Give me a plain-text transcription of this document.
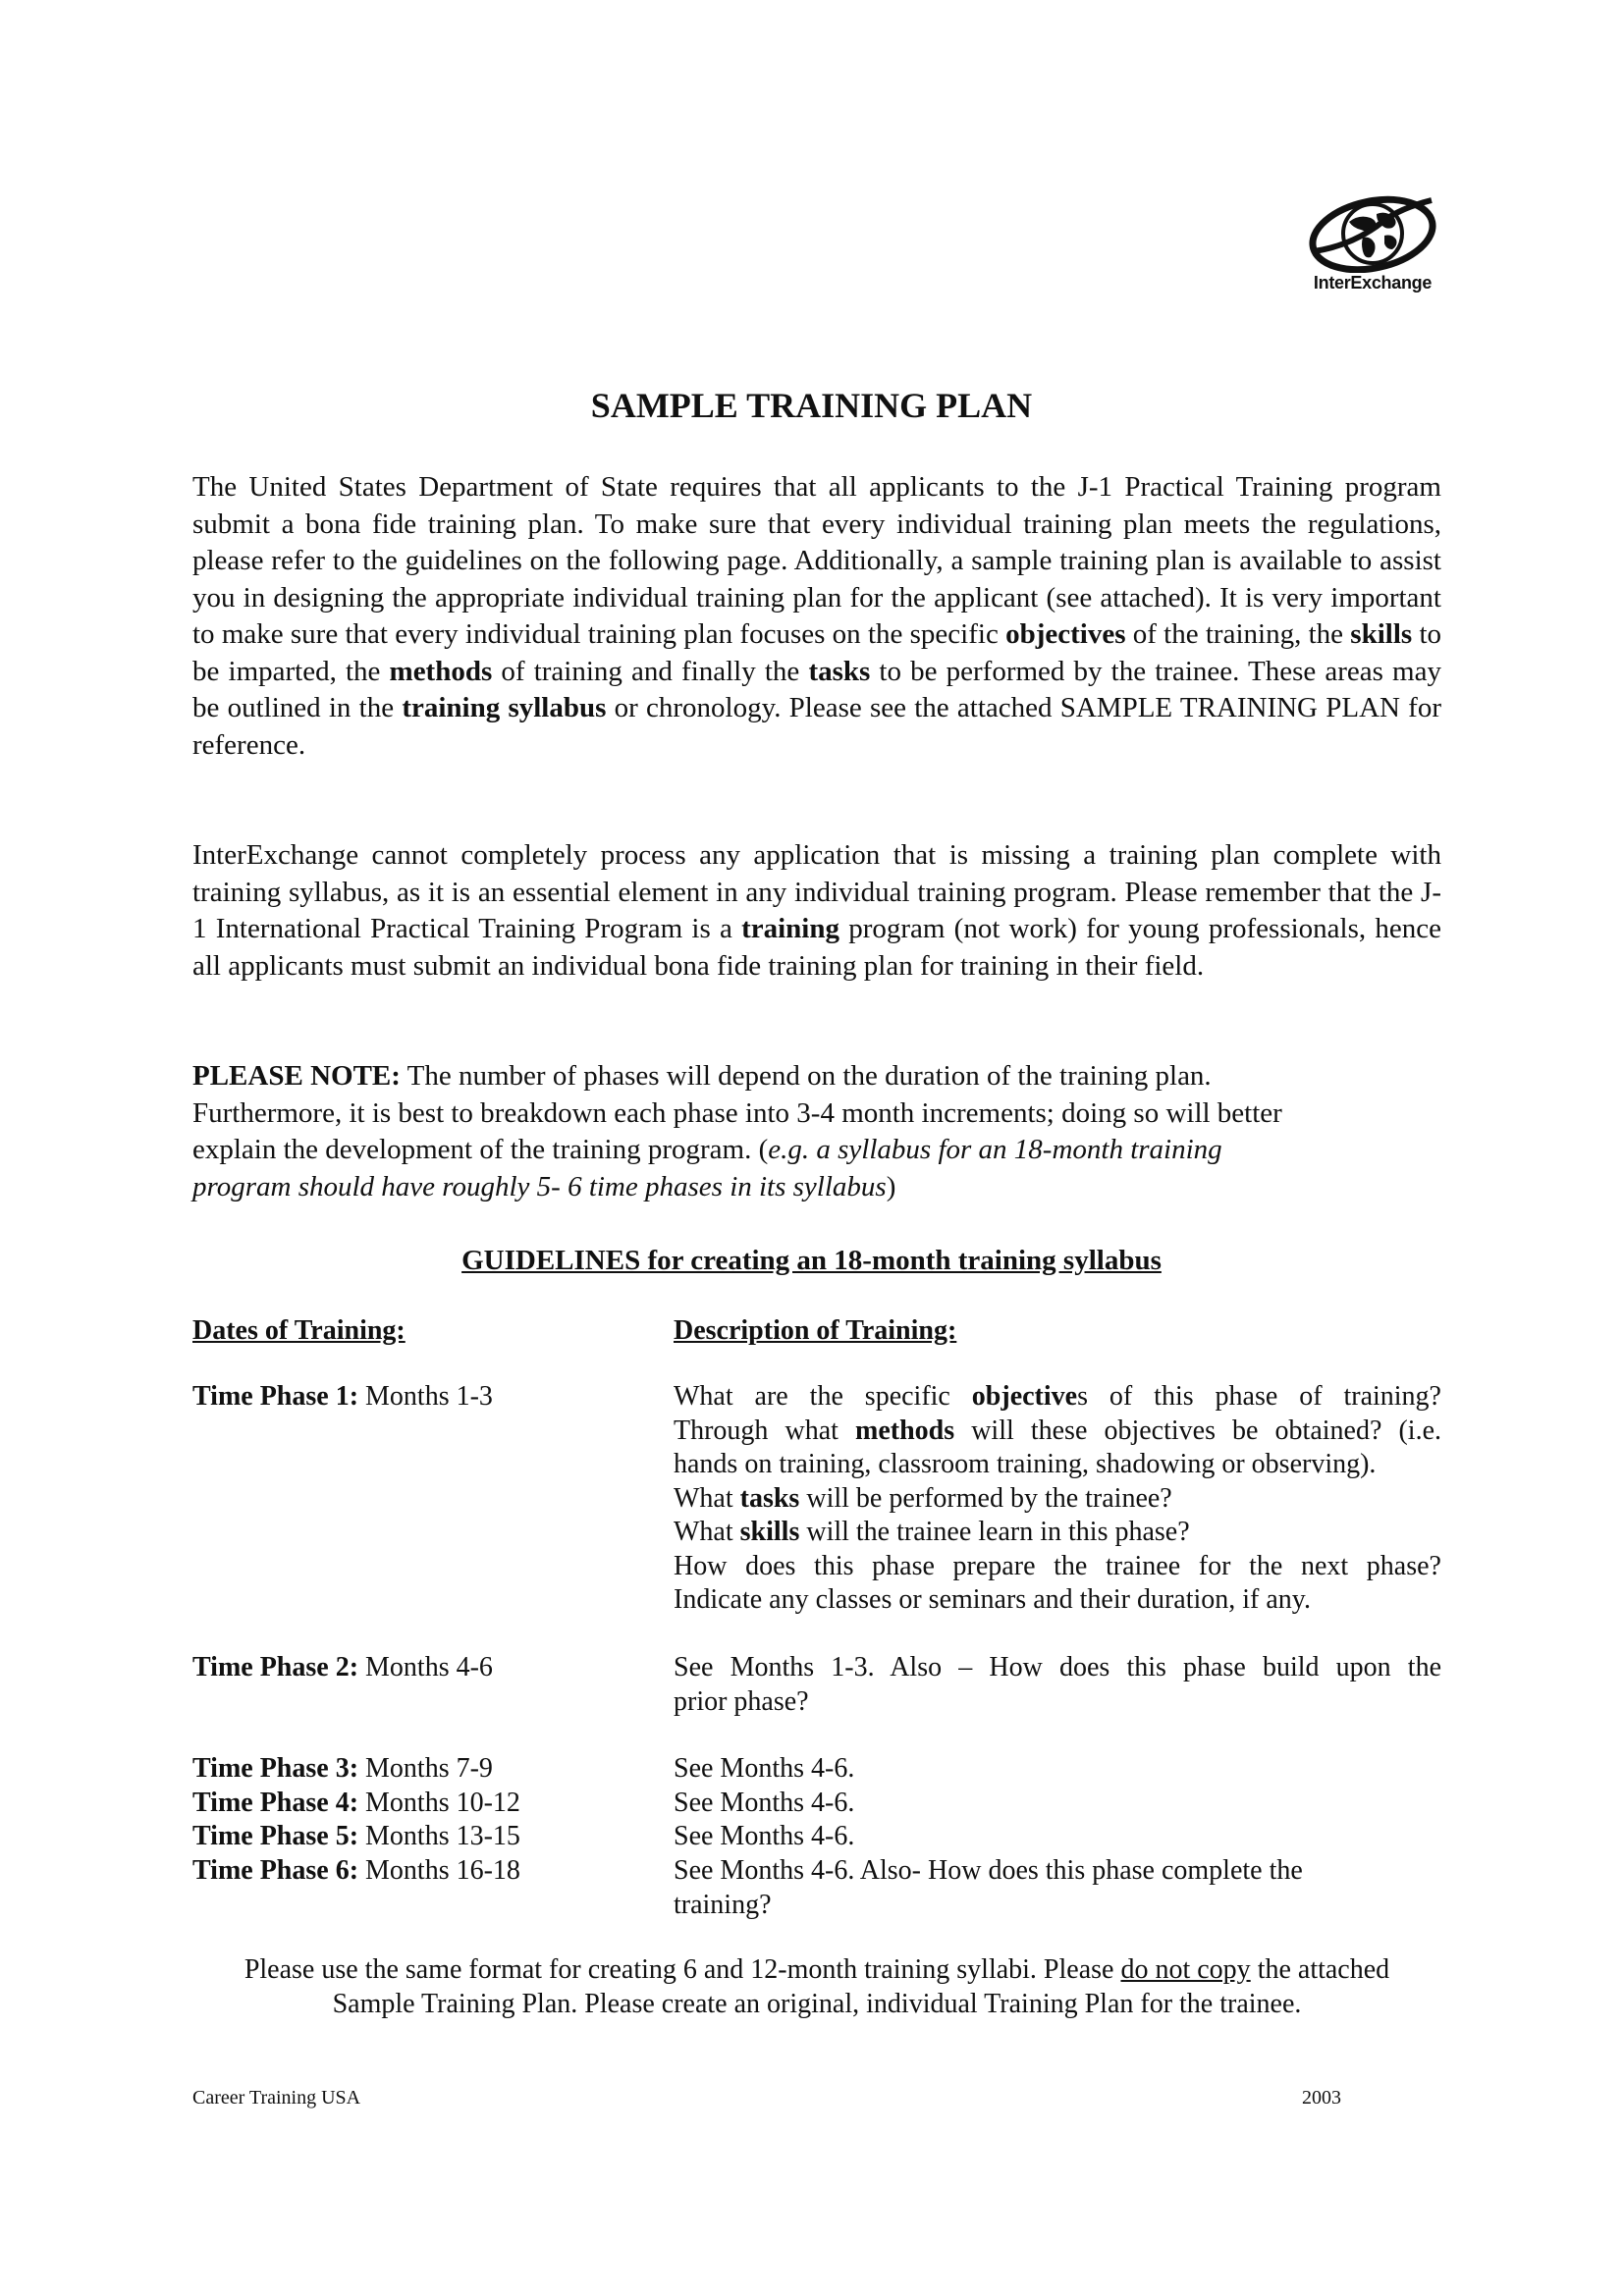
InterExchange
SAMPLE TRAINING PLAN

The United States Department of State requires that all applicants to the J-1 Practical Training program submit a bona fide training plan. To make sure that every individual training plan meets the regulations, please refer to the guidelines on the following page. Additionally, a sample training plan is available to assist you in designing the appropriate individual training plan for the applicant (see attached). It is very important to make sure that every individual training plan focuses on the specific objectives of the training, the skills to be imparted, the methods of training and finally the tasks to be performed by the trainee. These areas may be outlined in the training syllabus or chronology. Please see the attached SAMPLE TRAINING PLAN for reference.

InterExchange cannot completely process any application that is missing a training plan complete with training syllabus, as it is an essential element in any individual training program. Please remember that the J-1 International Practical Training Program is a training program (not work) for young professionals, hence all applicants must submit an individual bona fide training plan for training in their field.

PLEASE NOTE: The number of phases will depend on the duration of the training plan.
Furthermore, it is best to breakdown each phase into 3-4 month increments; doing so will better
explain the development of the training program. (e.g. a syllabus for an 18-month training
program should have roughly 5- 6 time phases in its syllabus)

GUIDELINES for creating an 18-month training syllabus
Dates of Training:	Description of Training:
Time Phase 1: Months 1-3
Time Phase 2: Months 4-6
Time Phase 3: Months 7-9
Time Phase 4: Months 10-12
Time Phase 5: Months 13-15
Time Phase 6: Months 16-18
What are the specific objectives of this phase of training?
Through what methods will these objectives be obtained? (i.e.
hands on training, classroom training, shadowing or observing).
What tasks will be performed by the trainee?
What skills will the trainee learn in this phase?
How does this phase prepare the trainee for the next phase?
Indicate any classes or seminars and their duration, if any.
See Months 1-3. Also – How does this phase build upon the
prior phase?
See Months 4-6.
See Months 4-6.
See Months 4-6.
See Months 4-6. Also- How does this phase complete the
training?

Please use the same format for creating 6 and 12-month training syllabi. Please do not copy the attached
Sample Training Plan. Please create an original, individual Training Plan for the trainee.

Career Training USA	2003
